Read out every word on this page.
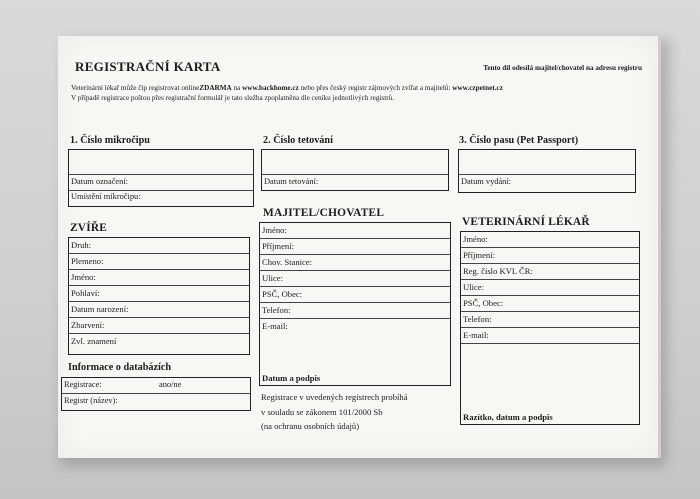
REGISTRAČNÍ KARTA	Tento díl odesílá majitel/chovatel na adresu registru
Veterinární lékař může čip registrovat onlineZDARMA na www.backhome.cz nebo přes český registr zájmových zvířat a majitelů: www.czpetnet.cz
V případě registrace poštou přes registrační formulář je tato služba zpoplatněna dle ceníku jednotlivých registrů.
1. Číslo mikročipu
Datum označení:
Umístění mikročipu:
2. Číslo tetování
Datum tetování:
3. Číslo pasu (Pet Passport)
Datum vydání:
ZVÍŘE
Druh:
Plemeno:
Jméno:
Pohlaví:
Datum narození:
Zbarvení:
Zvl. znamení
Informace o databázích
Registrace:	ano/ne
Registr (název):
MAJITEL/CHOVATEL
Jméno:
Příjmení:
Chov. Stanice:
Ulice:
PSČ, Obec:
Telefon:
E-mail:
Datum a podpis
Registrace v uvedených registrech probíhá
v souladu se zákonem 101/2000 Sb
(na ochranu osobních údajů)
VETERINÁRNÍ LÉKAŘ
Jméno:
Příjmení:
Reg. číslo KVL ČR:
Ulice:
PSČ, Obec:
Telefon:
E-mail:
Razítko, datum a podpis
